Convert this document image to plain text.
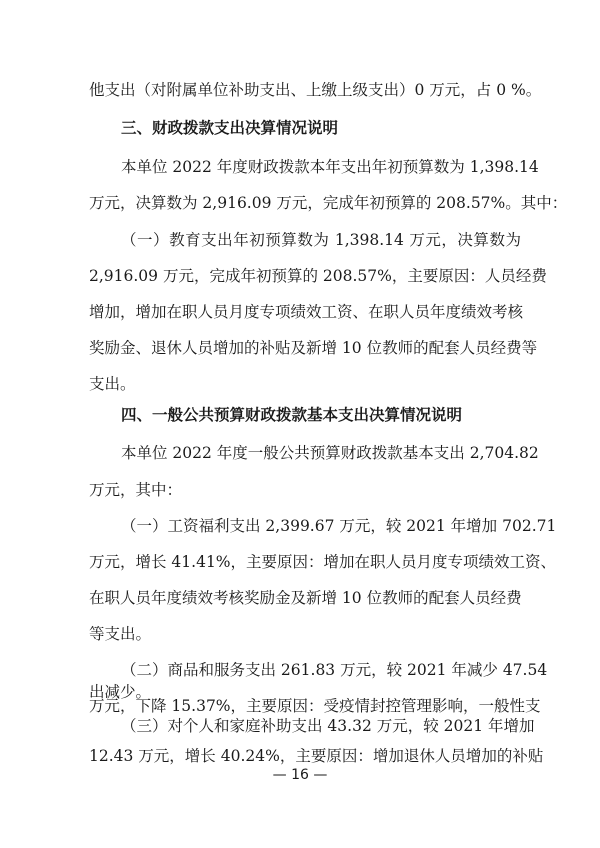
他支出（对附属单位补助支出、上缴上级支出）0 万元，占 0 %。
三、财政拨款支出决算情况说明
本单位 2022 年度财政拨款本年支出年初预算数为 1,398.14
万元，决算数为 2,916.09 万元，完成年初预算的 208.57%。其中：
（一）教育支出年初预算数为 1,398.14 万元，决算数为
2,916.09 万元，完成年初预算的 208.57%，主要原因：人员经费
增加，增加在职人员月度专项绩效工资、在职人员年度绩效考核
奖励金、退休人员增加的补贴及新增 10 位教师的配套人员经费等
支出。
四、一般公共预算财政拨款基本支出决算情况说明
本单位 2022 年度一般公共预算财政拨款基本支出 2,704.82
万元，其中：
（一）工资福利支出 2,399.67 万元，较 2021 年增加 702.71
万元，增长 41.41%，主要原因：增加在职人员月度专项绩效工资、
在职人员年度绩效考核奖励金及新增 10 位教师的配套人员经费
等支出。
（二）商品和服务支出 261.83 万元，较 2021 年减少 47.54
万元，下降 15.37%，主要原因：受疫情封控管理影响，一般性支
出减少。
（三）对个人和家庭补助支出 43.32 万元，较 2021 年增加
12.43 万元，增长 40.24%，主要原因：增加退休人员增加的补贴
— 16 —
